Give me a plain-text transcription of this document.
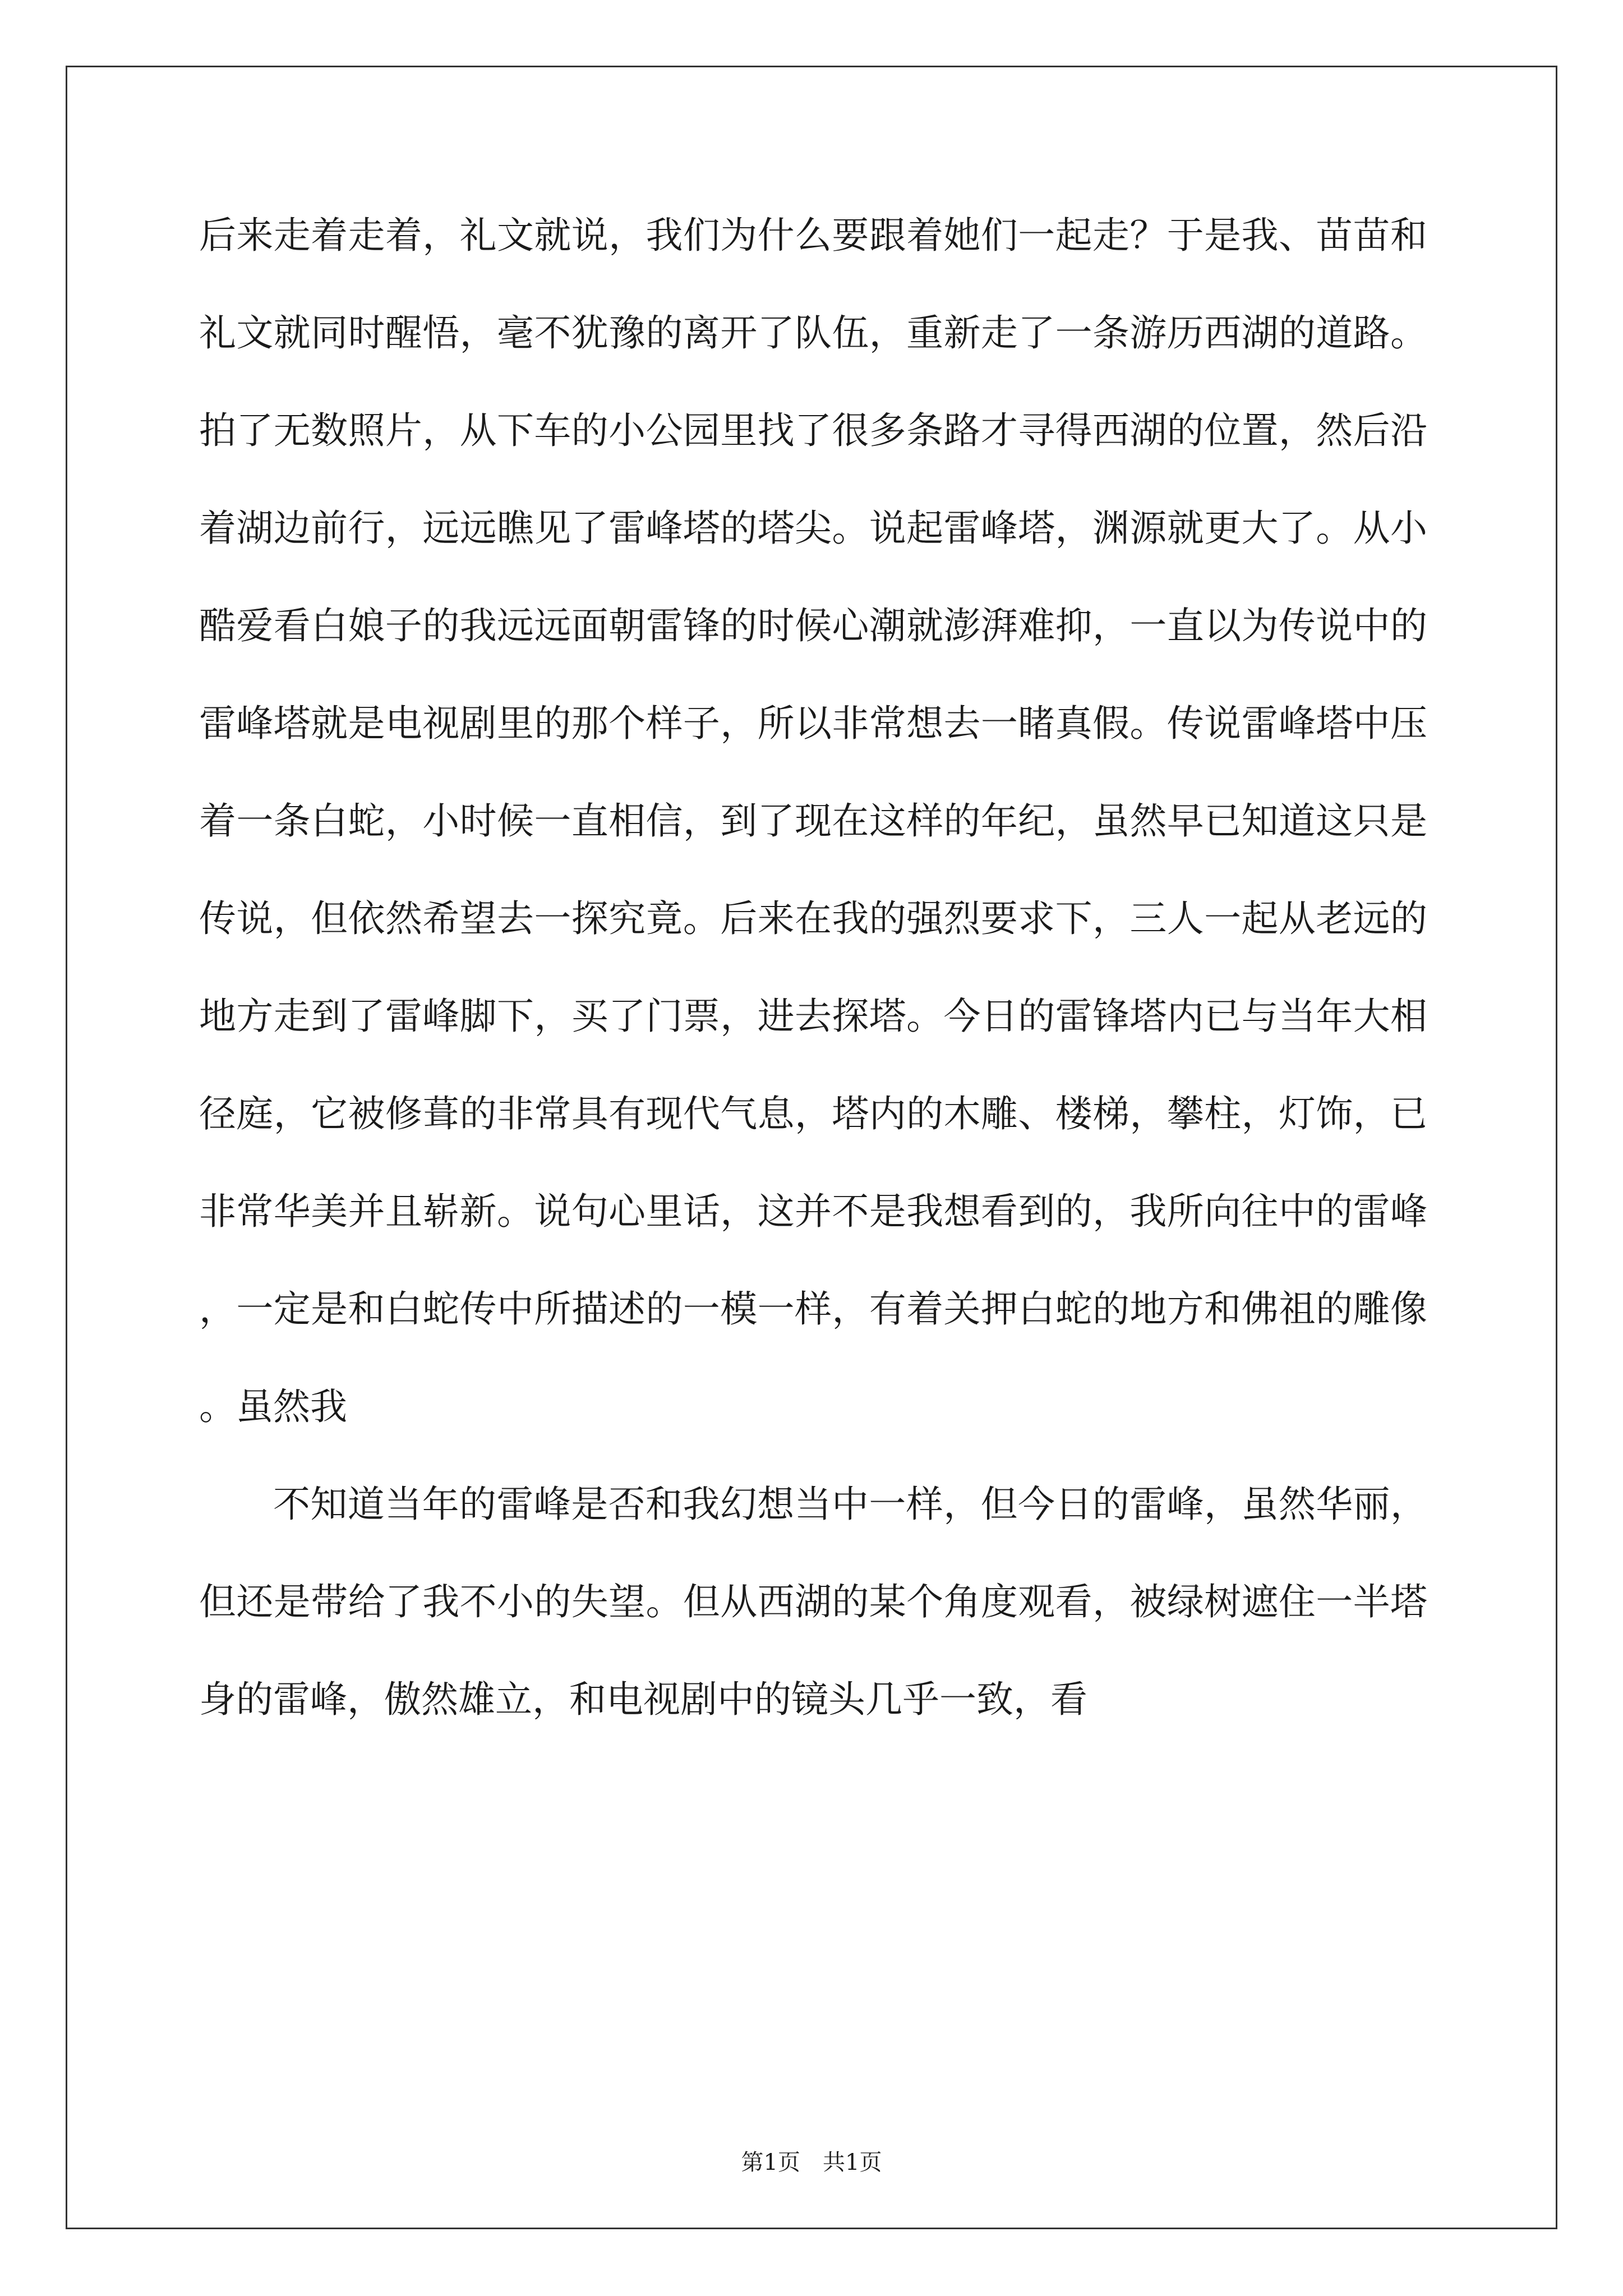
后来走着走着，礼文就说，我们为什么要跟着她们一起走？于是我、苗苗和礼文就同时醒悟，毫不犹豫的离开了队伍，重新走了一条游历西湖的道路。拍了无数照片，从下车的小公园里找了很多条路才寻得西湖的位置，然后沿着湖边前行，远远瞧见了雷峰塔的塔尖。说起雷峰塔，渊源就更大了。从小酷爱看白娘子的我远远面朝雷锋的时候心潮就澎湃难抑，一直以为传说中的雷峰塔就是电视剧里的那个样子，所以非常想去一睹真假。传说雷峰塔中压着一条白蛇，小时候一直相信，到了现在这样的年纪，虽然早已知道这只是传说，但依然希望去一探究竟。后来在我的强烈要求下，三人一起从老远的地方走到了雷峰脚下，买了门票，进去探塔。今日的雷锋塔内已与当年大相径庭，它被修葺的非常具有现代气息，塔内的木雕、楼梯，攀柱，灯饰，已非常华美并且崭新。说句心里话，这并不是我想看到的，我所向往中的雷峰，一定是和白蛇传中所描述的一模一样，有着关押白蛇的地方和佛祖的雕像。虽然我

不知道当年的雷峰是否和我幻想当中一样，但今日的雷峰，虽然华丽，但还是带给了我不小的失望。但从西湖的某个角度观看，被绿树遮住一半塔身的雷峰，傲然雄立，和电视剧中的镜头几乎一致，看

第1页　共1页
